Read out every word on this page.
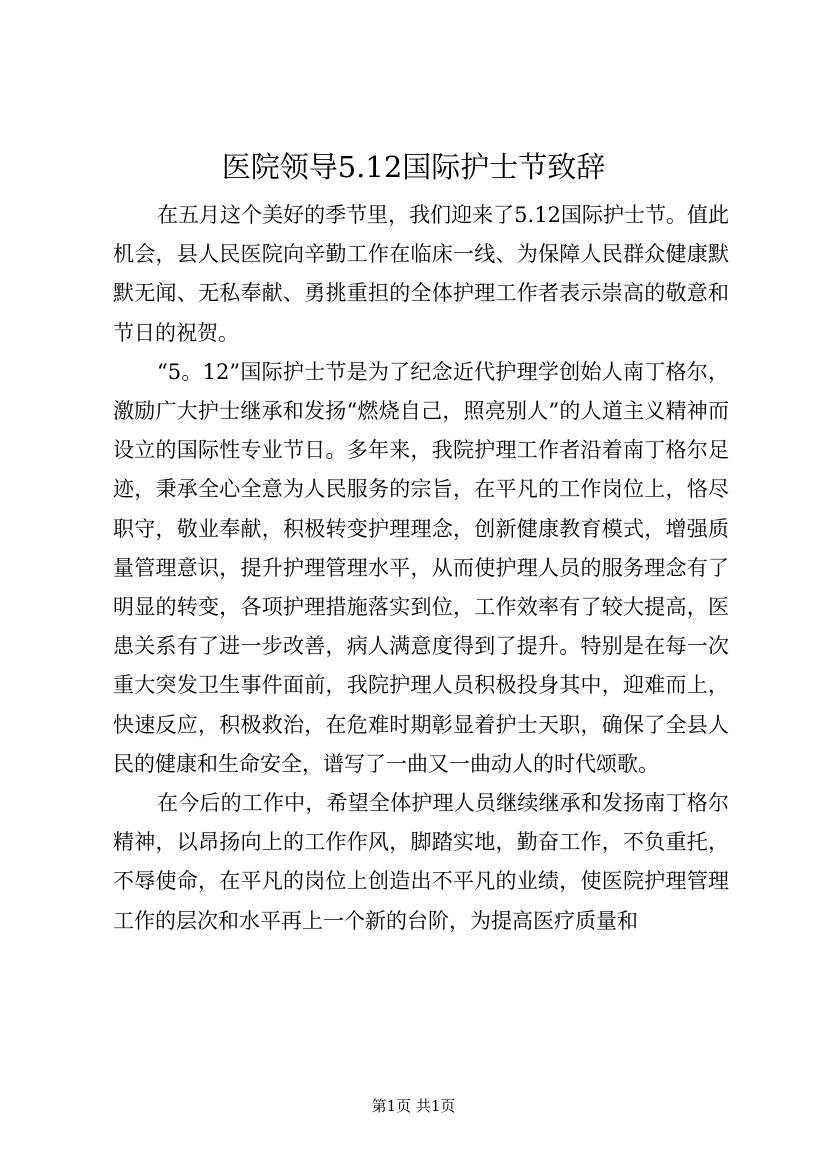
医院领导5.12国际护士节致辞

在五月这个美好的季节里，我们迎来了5.12国际护士节。值此机会，县人民医院向辛勤工作在临床一线、为保障人民群众健康默默无闻、无私奉献、勇挑重担的全体护理工作者表示崇高的敬意和节日的祝贺。

“5。12”国际护士节是为了纪念近代护理学创始人南丁格尔，激励广大护士继承和发扬“燃烧自己，照亮别人”的人道主义精神而设立的国际性专业节日。多年来，我院护理工作者沿着南丁格尔足迹，秉承全心全意为人民服务的宗旨，在平凡的工作岗位上，恪尽职守，敬业奉献，积极转变护理理念，创新健康教育模式，增强质量管理意识，提升护理管理水平，从而使护理人员的服务理念有了明显的转变，各项护理措施落实到位，工作效率有了较大提高，医患关系有了进一步改善，病人满意度得到了提升。特别是在每一次重大突发卫生事件面前，我院护理人员积极投身其中，迎难而上，快速反应，积极救治，在危难时期彰显着护士天职，确保了全县人民的健康和生命安全，谱写了一曲又一曲动人的时代颂歌。

在今后的工作中，希望全体护理人员继续继承和发扬南丁格尔精神，以昂扬向上的工作作风，脚踏实地，勤奋工作，不负重托，不辱使命，在平凡的岗位上创造出不平凡的业绩，使医院护理管理工作的层次和水平再上一个新的台阶，为提高医疗质量和

第1页 共1页
